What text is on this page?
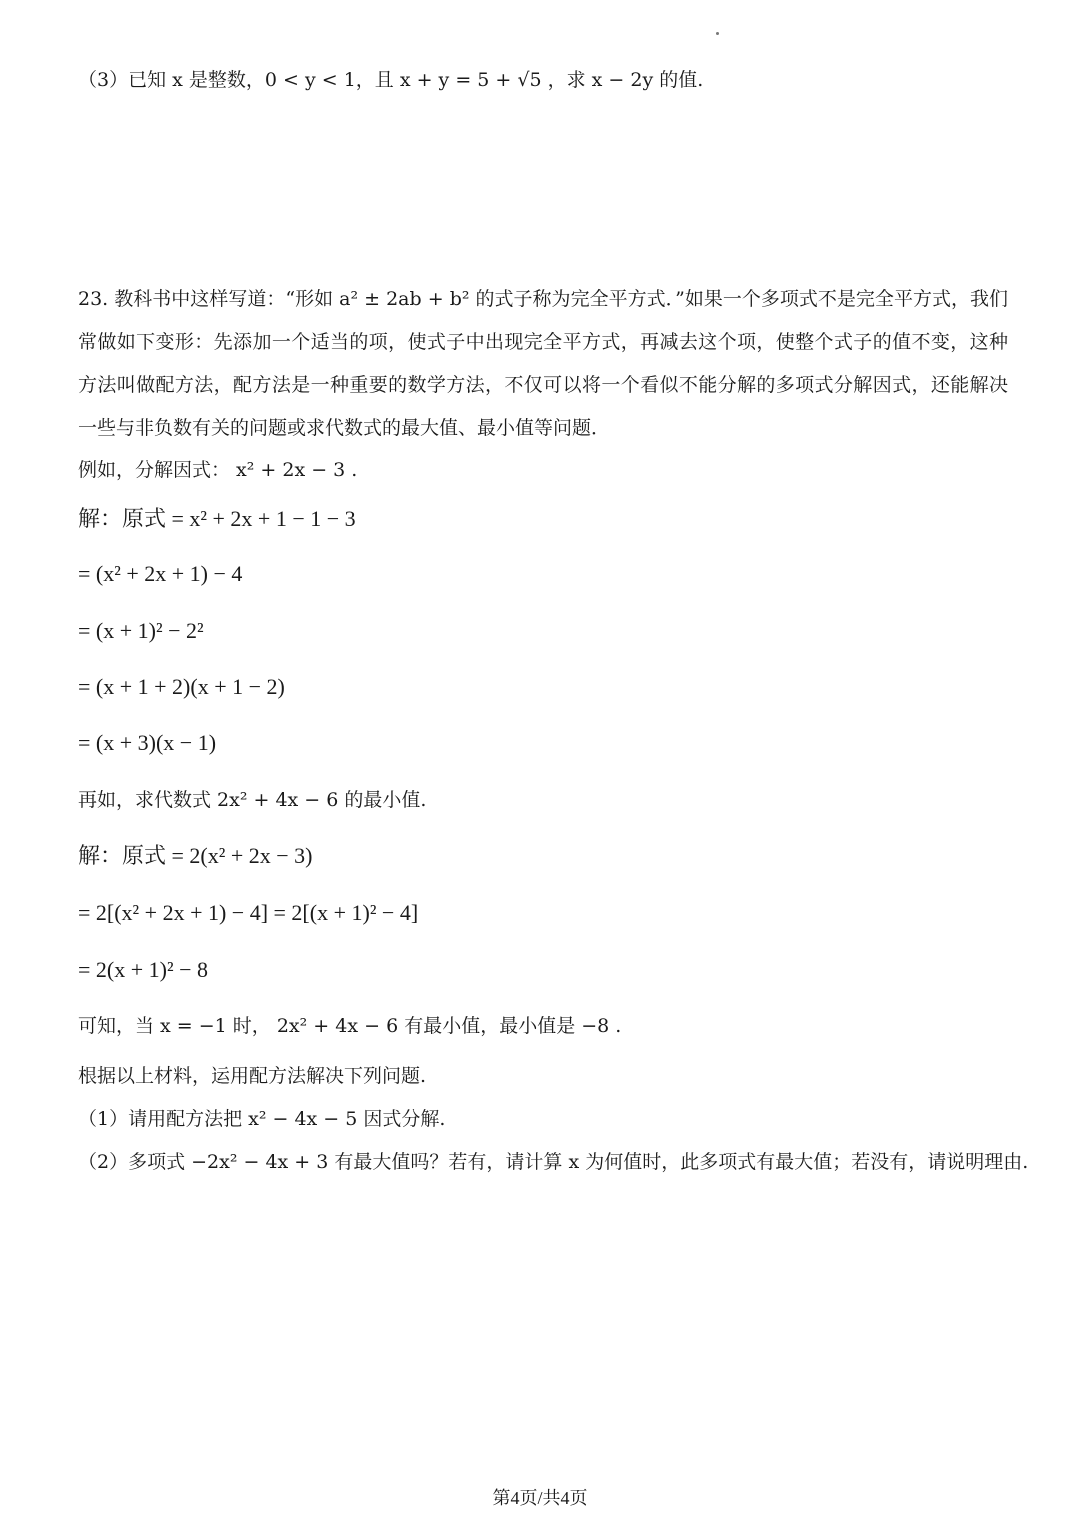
（3）已知 x 是整数，0 < y < 1，且 x + y = 5 + √5 ，求 x − 2y 的值.
23. 教科书中这样写道：“形如 a² ± 2ab + b² 的式子称为完全平方式．”如果一个多项式不是完全平方式，我们常做如下变形：先添加一个适当的项，使式子中出现完全平方式，再减去这个项，使整个式子的值不变，这种方法叫做配方法，配方法是一种重要的数学方法，不仅可以将一个看似不能分解的多项式分解因式，还能解决一些与非负数有关的问题或求代数式的最大值、最小值等问题．
例如，分解因式： x² + 2x − 3 .
解：原式 = x² + 2x + 1 − 1 − 3
= (x² + 2x + 1) − 4
= (x + 1)² − 2²
= (x + 1 + 2)(x + 1 − 2)
= (x + 3)(x − 1)
再如，求代数式 2x² + 4x − 6 的最小值.
解：原式 = 2(x² + 2x − 3)
= 2[(x² + 2x + 1) − 4] = 2[(x + 1)² − 4]
= 2(x + 1)² − 8
可知，当 x = −1 时， 2x² + 4x − 6 有最小值，最小值是 −8 .
根据以上材料，运用配方法解决下列问题.
（1）请用配方法把 x² − 4x − 5 因式分解.
（2）多项式 −2x² − 4x + 3 有最大值吗？若有，请计算 x 为何值时，此多项式有最大值；若没有，请说明理由.
第4页/共4页
